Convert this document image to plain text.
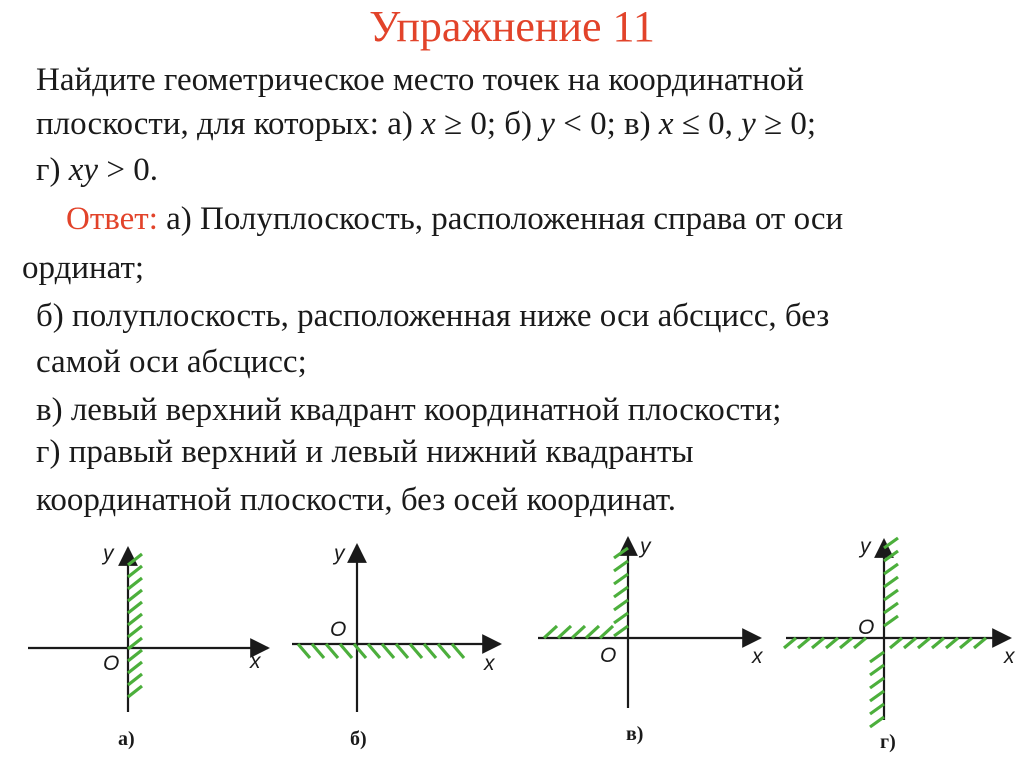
Упражнение 11
Найдите геометрическое место точек на координатной
плоскости, для которых: а) x ≥ 0; б) y < 0; в) x ≤ 0, y ≥ 0;
г) xy > 0.
Ответ: а) Полуплоскость, расположенная справа от оси
ординат;
б) полуплоскость, расположенная ниже оси абсцисс, без
самой оси абсцисс;
в) левый верхний квадрант координатной плоскости;
г) правый верхний и левый нижний квадранты
координатной плоскости, без осей координат.
x
y
O
а)
x
y
O
б)
x
y
O
в)
x
y
O
г)
